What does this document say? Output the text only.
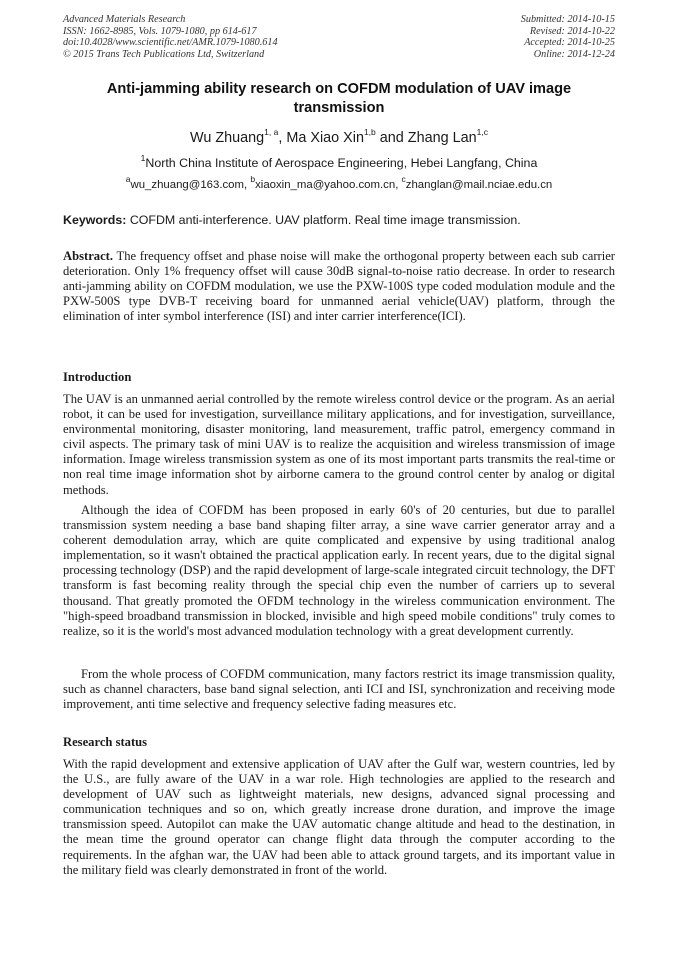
Advanced Materials Research
ISSN: 1662-8985, Vols. 1079-1080, pp 614-617
doi:10.4028/www.scientific.net/AMR.1079-1080.614
© 2015 Trans Tech Publications Ltd, Switzerland
Submitted: 2014-10-15
Revised: 2014-10-22
Accepted: 2014-10-25
Online: 2014-12-24
Anti-jamming ability research on COFDM modulation of UAV image transmission
Wu Zhuang$^{1, a}$, Ma Xiao Xin$^{1,b}$ and Zhang Lan$^{1,c}$
$^1$North China Institute of Aerospace Engineering, Hebei Langfang, China
$^a$wu_zhuang@163.com, $^b$xiaoxin_ma@yahoo.com.cn, $^c$zhanglan@mail.nciae.edu.cn
Keywords: COFDM anti-interference. UAV platform. Real time image transmission.
Abstract. The frequency offset and phase noise will make the orthogonal property between each sub carrier deterioration. Only 1% frequency offset will cause 30dB signal-to-noise ratio decrease. In order to research anti-jamming ability on COFDM modulation, we use the PXW-100S type coded modulation module and the PXW-500S type DVB-T receiving board for unmanned aerial vehicle(UAV) platform, through the elimination of inter symbol interference (ISI) and inter carrier interference(ICI).
Introduction

The UAV is an unmanned aerial controlled by the remote wireless control device or the program. As an aerial robot, it can be used for investigation, surveillance military applications, and for investigation, surveillance, environmental monitoring, disaster monitoring, land measurement, traffic patrol, emergency command in civil aspects. The primary task of mini UAV is to realize the acquisition and wireless transmission of image information. Image wireless transmission system as one of its most important parts transmits the real-time or non real time image information shot by airborne camera to the ground control center by analog or digital methods.

Although the idea of COFDM has been proposed in early 60's of 20 centuries, but due to parallel transmission system needing a base band shaping filter array, a sine wave carrier generator array and a coherent demodulation array, which are quite complicated and expensive by using traditional analog implementation, so it wasn't obtained the practical application early. In recent years, due to the digital signal processing technology (DSP) and the rapid development of large-scale integrated circuit technology, the DFT transform is fast becoming reality through the special chip even the number of carriers up to several thousand. That greatly promoted the OFDM technology in the wireless communication environment. The "high-speed broadband transmission in blocked, invisible and high speed mobile conditions" truly comes to realize, so it is the world's most advanced modulation technology with a great development currently.

From the whole process of COFDM communication, many factors restrict its image transmission quality, such as channel characters, base band signal selection, anti ICI and ISI, synchronization and receiving mode improvement, anti time selective and frequency selective fading measures etc.

Research status

With the rapid development and extensive application of UAV after the Gulf war, western countries, led by the U.S., are fully aware of the UAV in a war role. High technologies are applied to the research and development of UAV such as lightweight materials, new designs, advanced signal processing and communication techniques and so on, which greatly increase drone duration, and improve the image transmission speed. Autopilot can make the UAV automatic change altitude and head to the destination, in the mean time the ground operator can change flight data through the computer according to the requirements. In the afghan war, the UAV had been able to attack ground targets, and its important value in the military field was clearly demonstrated in front of the world.
